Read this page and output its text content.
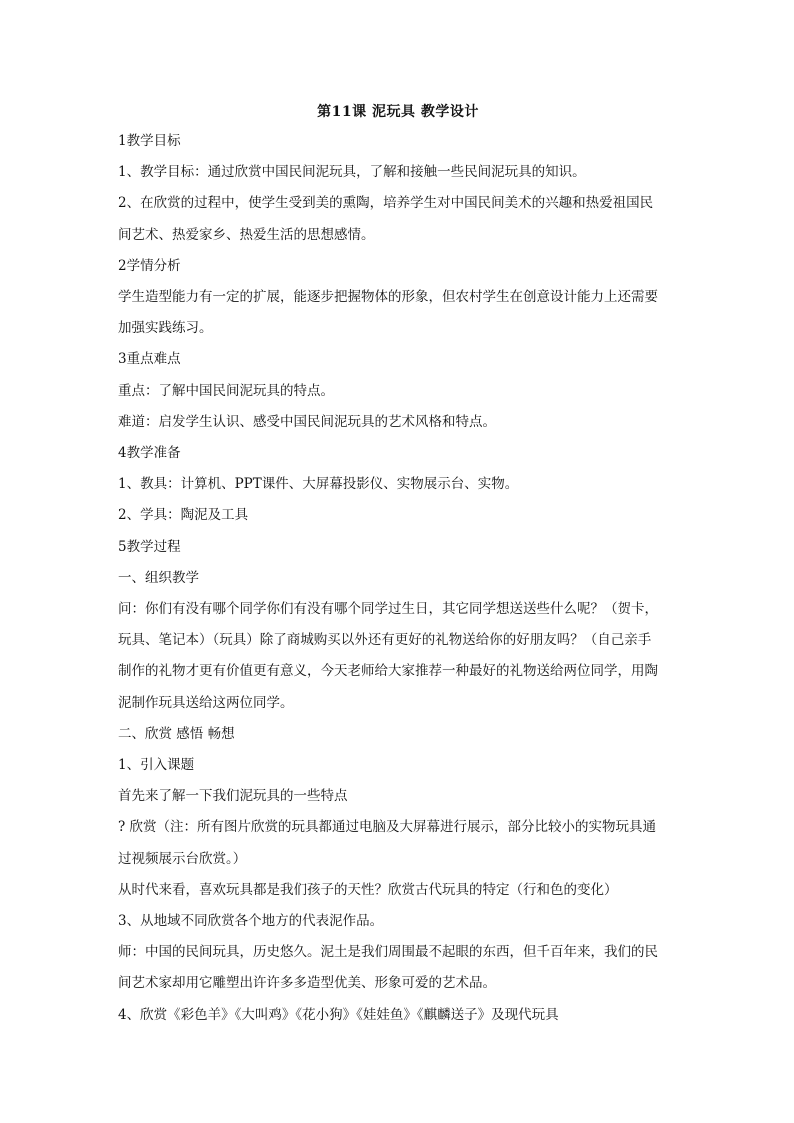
第11课 泥玩具 教学设计

1教学目标

1、教学目标：通过欣赏中国民间泥玩具，了解和接触一些民间泥玩具的知识。

2、在欣赏的过程中，使学生受到美的熏陶，培养学生对中国民间美术的兴趣和热爱祖国民

间艺术、热爱家乡、热爱生活的思想感情。

2学情分析

学生造型能力有一定的扩展，能逐步把握物体的形象，但农村学生在创意设计能力上还需要

加强实践练习。

3重点难点

重点：了解中国民间泥玩具的特点。

难道：启发学生认识、感受中国民间泥玩具的艺术风格和特点。

4教学准备

1、教具：计算机、PPT课件、大屏幕投影仪、实物展示台、实物。

2、学具：陶泥及工具

5教学过程

一、组织教学

问：你们有没有哪个同学你们有没有哪个同学过生日，其它同学想送送些什么呢？（贺卡，

玩具、笔记本）（玩具）除了商城购买以外还有更好的礼物送给你的好朋友吗？（自己亲手

制作的礼物才更有价值更有意义，今天老师给大家推荐一种最好的礼物送给两位同学，用陶

泥制作玩具送给这两位同学。

二、欣赏 感悟 畅想

1、引入课题

首先来了解一下我们泥玩具的一些特点

? 欣赏（注：所有图片欣赏的玩具都通过电脑及大屏幕进行展示，部分比较小的实物玩具通

过视频展示台欣赏。）

从时代来看，喜欢玩具都是我们孩子的天性？欣赏古代玩具的特定（行和色的变化）

3、从地域不同欣赏各个地方的代表泥作品。

师：中国的民间玩具，历史悠久。泥土是我们周围最不起眼的东西，但千百年来，我们的民

间艺术家却用它雕塑出许许多多造型优美、形象可爱的艺术品。

4、欣赏《彩色羊》《大叫鸡》《花小狗》《娃娃鱼》《麒麟送子》及现代玩具
